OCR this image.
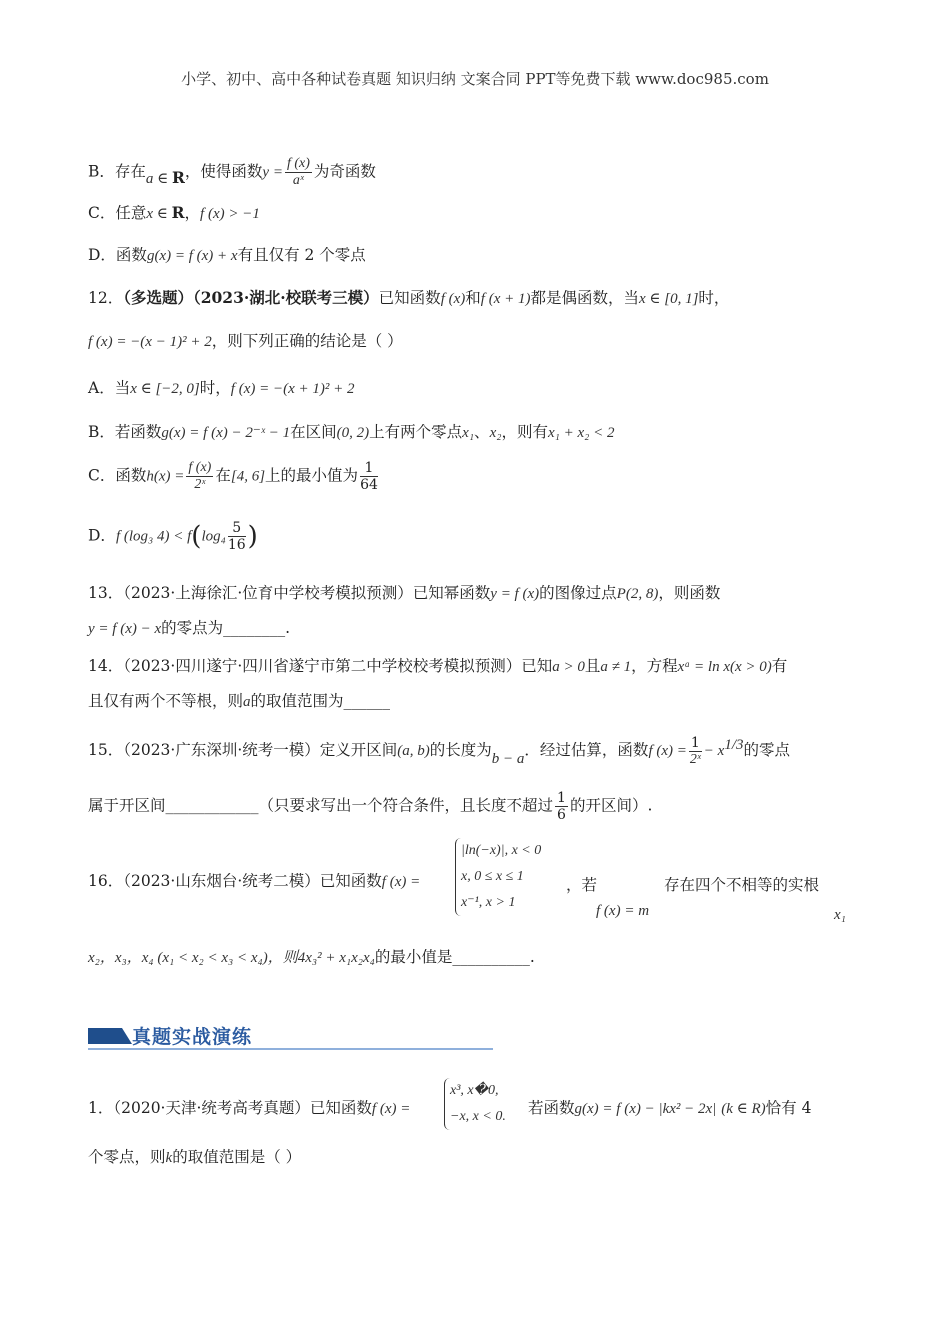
小学、初中、高中各种试卷真题 知识归纳 文案合同 PPT等免费下载 www.doc985.com
B．存在a ∈ R，使得函数$y = \frac{f (x)}{\text{aˣ}}$ 为奇函数
C．任意x ∈ R，f (x) > −1
D．函数g(x) = f (x) + x有且仅有 2 个零点
12．（多选题）（2023·湖北·校联考三模）已知函数f (x)和f (x + 1)都是偶函数，当x ∈ [0, 1]时，
f (x) = −(x − 1)² + 2，则下列正确的结论是（ ）
A．当x ∈ [−2, 0]时，f (x) = −(x + 1)² + 2
B．若函数g(x) = f (x) − 2⁻ˣ − 1在区间(0, 2)上有两个零点x₁、x₂，则有x₁ + x₂ < 2
C．函数$h(x) = \frac{f (x)}{\text{2ˣ}}$ 在[4, 6]上的最小值为 $\frac{1}{64}$
D．f (log₃ $4) < f(\log_4 \frac{5}{16}$ )
13．（2023·上海徐汇·位育中学校考模拟预测）已知幂函数y = f (x)的图像过点P(2, 8)，则函数
y = f (x) − x的零点为________.
14．（2023·四川遂宁·四川省遂宁市第二中学校校考模拟预测）已知a > 0且a ≠ 1，方程xᵃ = ln x(x > 0)有
且仅有两个不等根，则a的取值范围为______
15．（2023·广东深圳·统考一模）定义开区间(a, b)的长度为b − a．经过估算，函数f $(x) = \frac{1}{\text{2ˣ}} - x^{1/3}$的零点
属于开区间____________（只要求写出一个符合条件，且长度不超过 $\frac{1}{6}$ 的开区间）.
16．（2023·山东烟台·统考二模）已知函数f (x) =
|ln(−x)|, x < 0
x, 0 ≤ x ≤ 1
x⁻¹, x > 1
，若
f (x) = m
存在四个不相等的实根
x₁
x₂，x₃，x₄ (x₁ < x₂ < x₃ < x₄)，则4x₃² + x₁x₂x₄的最小值是__________.
真题实战演练
1．（2020·天津·统考高考真题）已知函数f (x) =
x³, x�0,
−x, x < 0. 若函数g(x) = f (x) − |kx² − 2x| (k ∈ R)恰有 4
个零点，则k的取值范围是（ ）
